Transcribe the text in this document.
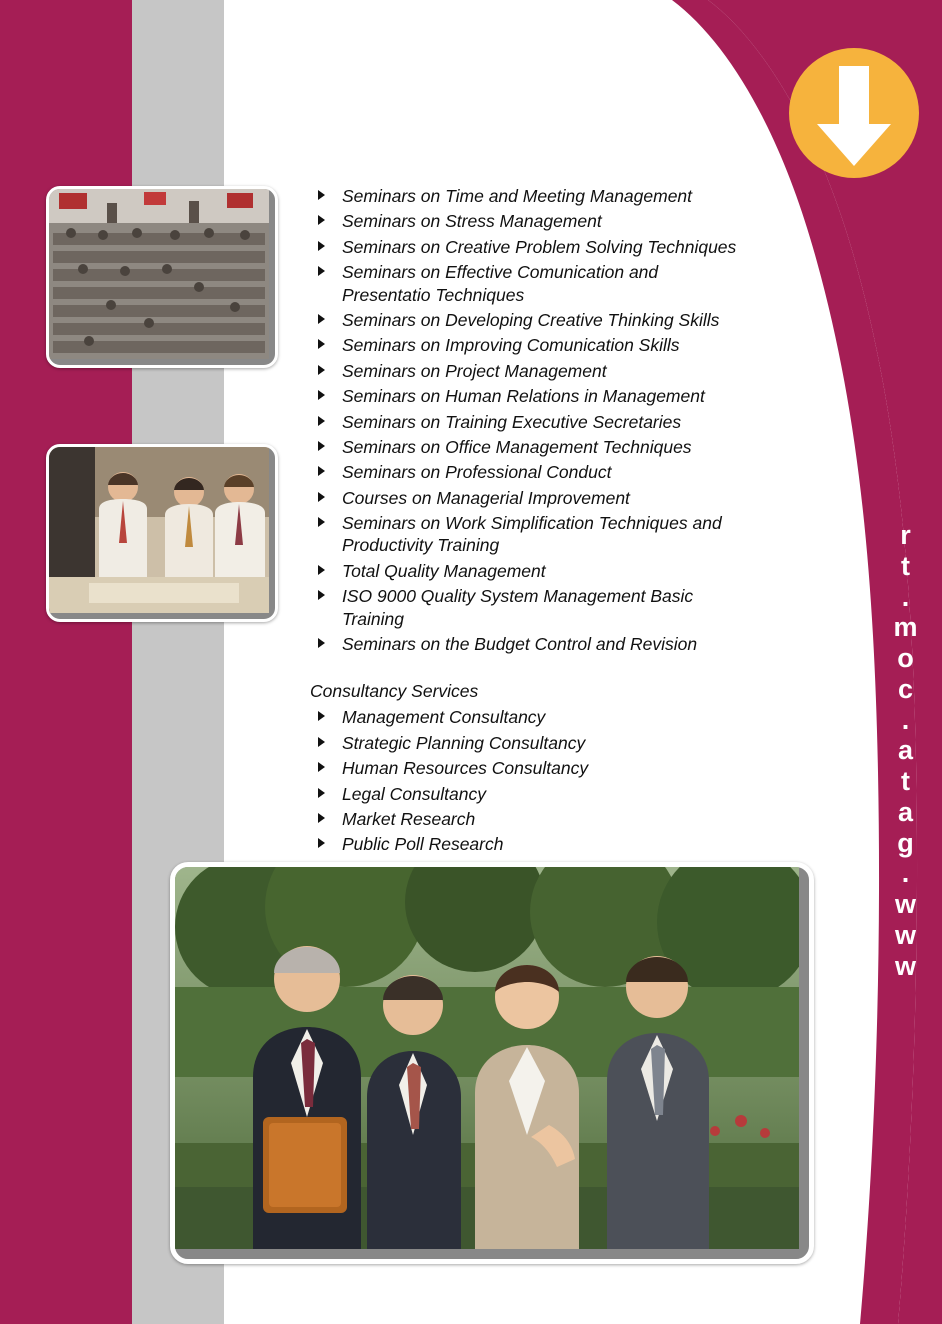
Seminars on Time and Meeting Management
Seminars on Stress Management
Seminars on Creative Problem Solving Techniques
Seminars on Effective Comunication and Presentatio Techniques
Seminars on Developing Creative Thinking Skills
Seminars on Improving Comunication Skills
Seminars on Project Management
Seminars on Human Relations in Management
Seminars on Training Executive Secretaries
Seminars on Office Management Techniques
Seminars on Professional Conduct
Courses on Managerial Improvement
Seminars on Work Simplification Techniques and Productivity Training
Total Quality Management
ISO 9000 Quality System Management Basic Training
Seminars on the Budget Control and Revision
Consultancy Services
Management Consultancy
Strategic Planning Consultancy
Human Resources Consultancy
Legal Consultancy
Market Research
Public Poll Research
r
t
.
m
o
c
.
a
t
a
g
.
w
w
w
